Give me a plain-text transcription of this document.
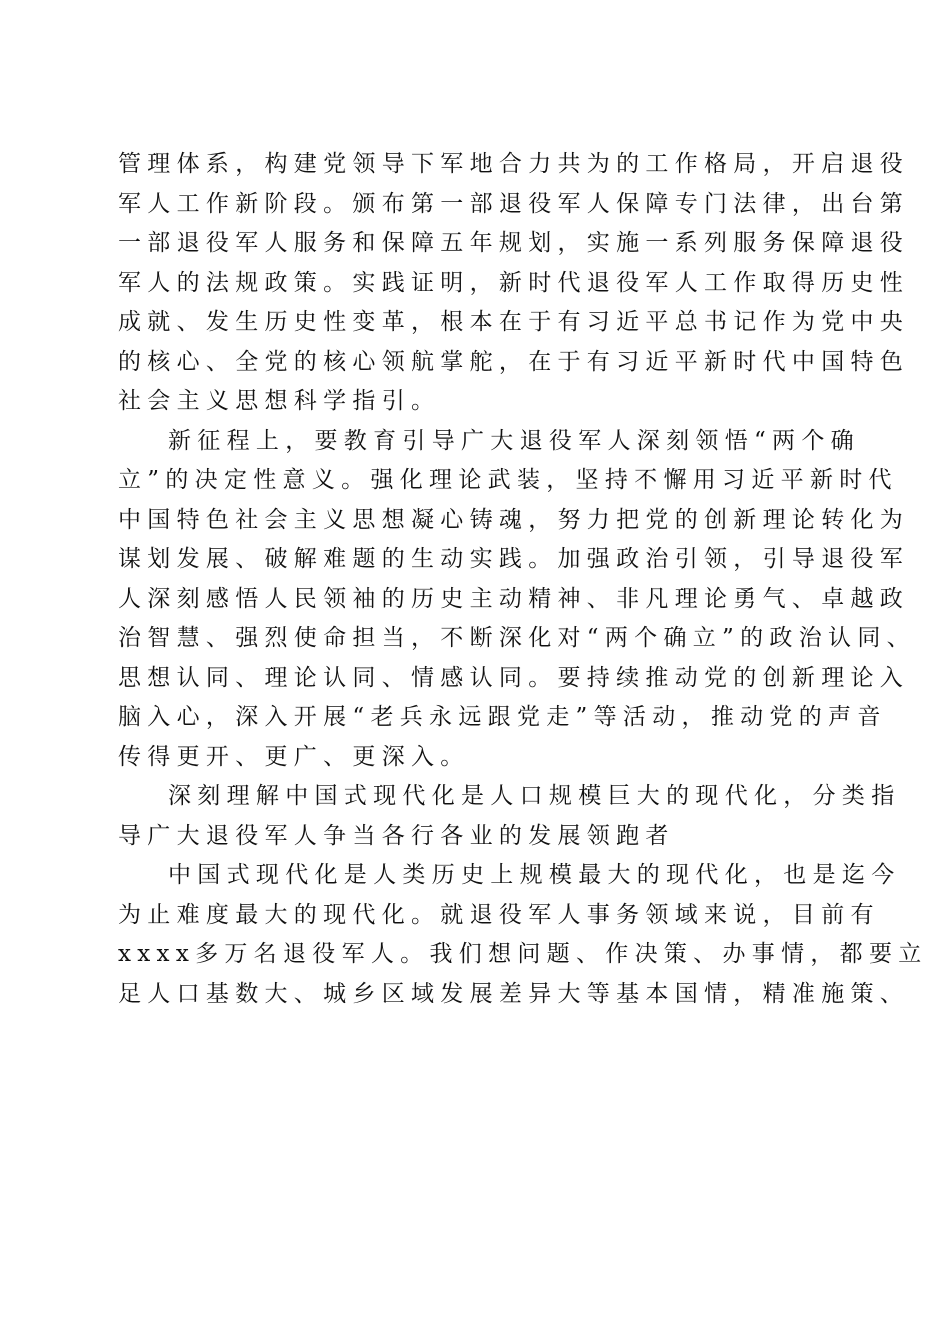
管理体系，构建党领导下军地合力共为的工作格局，开启退役
军人工作新阶段。颁布第一部退役军人保障专门法律，出台第
一部退役军人服务和保障五年规划，实施一系列服务保障退役
军人的法规政策。实践证明，新时代退役军人工作取得历史性
成就、发生历史性变革，根本在于有习近平总书记作为党中央
的核心、全党的核心领航掌舵，在于有习近平新时代中国特色
社会主义思想科学指引。
新征程上，要教育引导广大退役军人深刻领悟“两个确
立”的决定性意义。强化理论武装，坚持不懈用习近平新时代
中国特色社会主义思想凝心铸魂，努力把党的创新理论转化为
谋划发展、破解难题的生动实践。加强政治引领，引导退役军
人深刻感悟人民领袖的历史主动精神、非凡理论勇气、卓越政
治智慧、强烈使命担当，不断深化对“两个确立”的政治认同、
思想认同、理论认同、情感认同。要持续推动党的创新理论入
脑入心，深入开展“老兵永远跟党走”等活动，推动党的声音
传得更开、更广、更深入。
深刻理解中国式现代化是人口规模巨大的现代化，分类指
导广大退役军人争当各行各业的发展领跑者
中国式现代化是人类历史上规模最大的现代化，也是迄今
为止难度最大的现代化。就退役军人事务领域来说，目前有
xxxx多万名退役军人。我们想问题、作决策、办事情，都要立
足人口基数大、城乡区域发展差异大等基本国情，精准施策、
